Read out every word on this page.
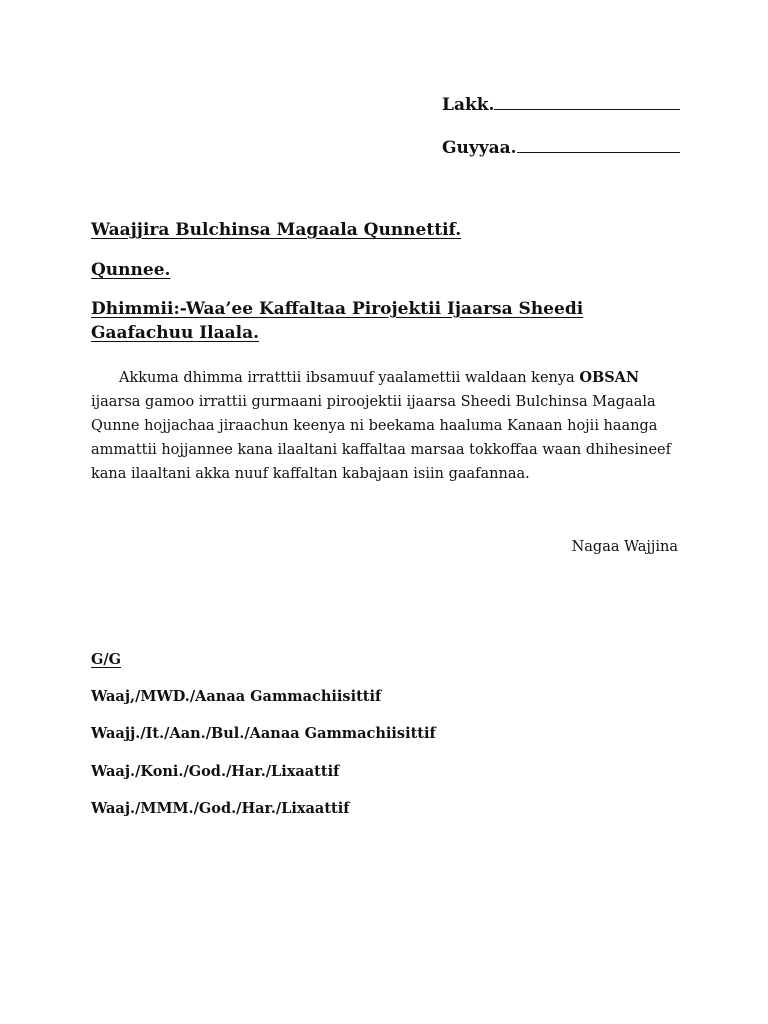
Lakk.
Guyyaa.
Waajjira Bulchinsa Magaala Qunnettif.
Qunnee.
Dhimmii:-Waa’ee Kaffaltaa Pirojektii Ijaarsa Sheedi Gaafachuu Ilaala.
Akkuma dhimma irratttii ibsamuuf yaalamettii waldaan kenya OBSAN ijaarsa gamoo irrattii gurmaani piroojektii ijaarsa Sheedi Bulchinsa Magaala Qunne hojjachaa jiraachun keenya ni beekama haaluma Kanaan hojii haanga ammattii hojjannee kana ilaaltani kaffaltaa marsaa tokkoffaa waan dhihesineef kana ilaaltani akka nuuf kaffaltan kabajaan isiin gaafannaa.
Nagaa Wajjina
G/G
Waaj,/MWD./Aanaa Gammachiisittif
Waajj./It./Aan./Bul./Aanaa Gammachiisittif
Waaj./Koni./God./Har./Lixaattif
Waaj./MMM./God./Har./Lixaattif
